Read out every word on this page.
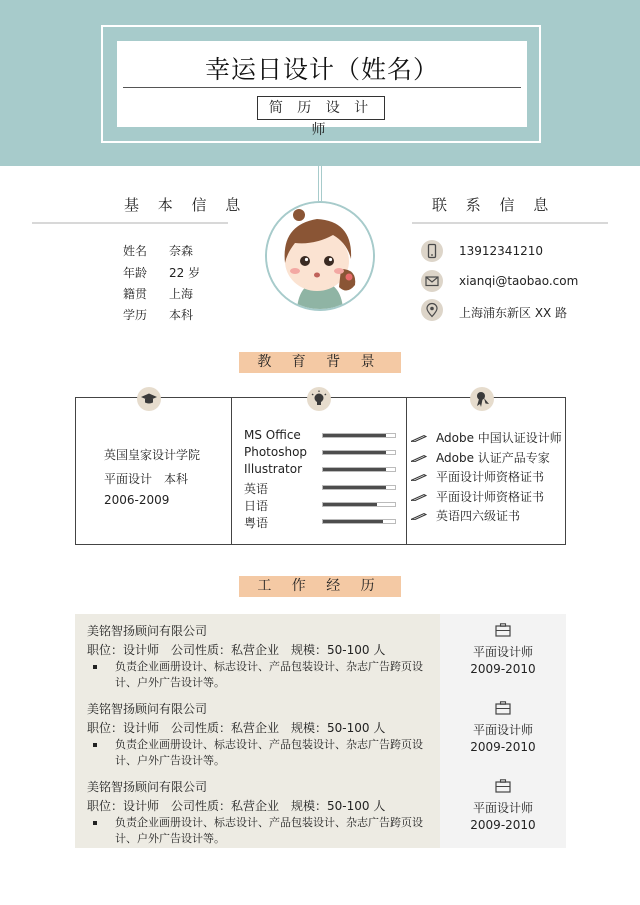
幸运日设计（姓名）
简 历 设 计 师
基 本 信 息
姓名 奈森
年龄 22 岁
籍贯 上海
学历 本科
联 系 信 息
13912341210
xianqi@taobao.com
上海浦东新区 XX 路
教 育 背 景
英国皇家设计学院
平面设计　本科
2006-2009
MS Office
Photoshop
Illustrator
英语
日语
粤语
Adobe 中国认证设计师
Adobe 认证产品专家
平面设计师资格证书
平面设计师资格证书
英语四六级证书
工 作 经 历
美铭智扬顾问有限公司
职位：设计师　公司性质：私营企业　规模：50-100 人
负责企业画册设计、标志设计、产品包装设计、杂志广告跨页设计、户外广告设计等。
平面设计师
2009-2010
美铭智扬顾问有限公司
职位：设计师　公司性质：私营企业　规模：50-100 人
负责企业画册设计、标志设计、产品包装设计、杂志广告跨页设计、户外广告设计等。
平面设计师
2009-2010
美铭智扬顾问有限公司
职位：设计师　公司性质：私营企业　规模：50-100 人
负责企业画册设计、标志设计、产品包装设计、杂志广告跨页设计、户外广告设计等。
平面设计师
2009-2010
